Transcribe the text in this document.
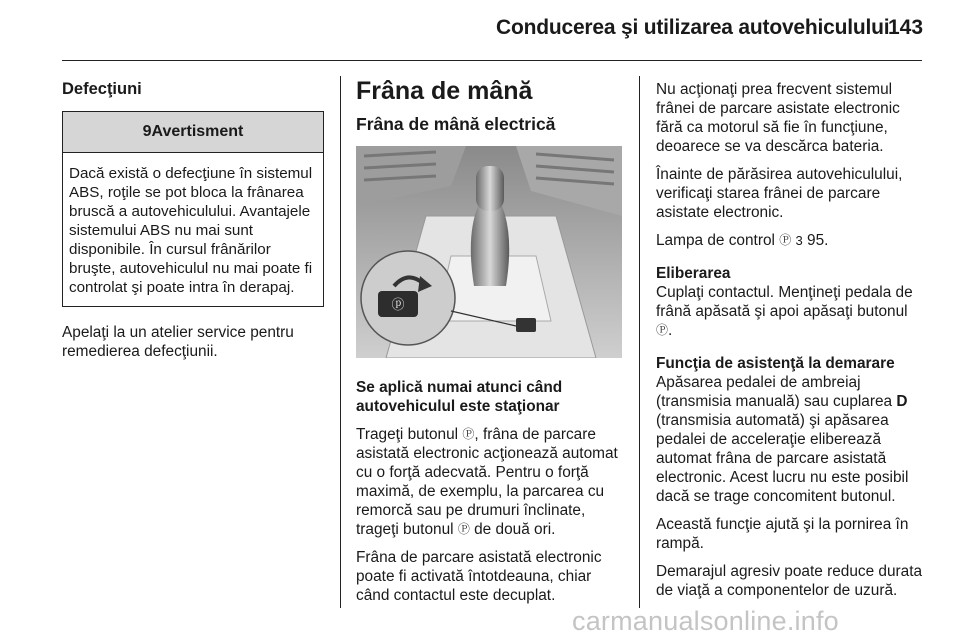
Conducerea şi utilizarea autovehiculului
143
Defecţiuni
9Avertisment
Dacă există o defecţiune în sistemul ABS, roţile se pot bloca la frânarea bruscă a autovehiculului. Avantajele sistemului ABS nu mai sunt disponibile. În cursul frânărilor bruşte, autovehiculul nu mai poate fi controlat şi poate intra în derapaj.

Apelaţi la un atelier service pentru remedierea defecţiunii.

Frâna de mână
Frâna de mână electrică
ⓟ

Se aplică numai atunci când autovehiculul este staţionar

Trageţi butonul Ⓟ, frâna de parcare asistată electronic acţionează automat cu o forţă adecvată. Pentru o forţă maximă, de exemplu, la parcarea cu remorcă sau pe drumuri înclinate, trageţi butonul Ⓟ de două ori.

Frâna de parcare asistată electronic poate fi activată întotdeauna, chiar când contactul este decuplat.

Nu acţionaţi prea frecvent sistemul frânei de parcare asistate electronic fără ca motorul să fie în funcţiune, deoarece se va descărca bateria.

Înainte de părăsirea autovehiculului, verificaţi starea frânei de parcare asistate electronic.

Lampa de control Ⓟ 3 95.

Eliberarea

Cuplaţi contactul. Menţineţi pedala de frână apăsată şi apoi apăsaţi butonul Ⓟ.

Funcţia de asistenţă la demarare

Apăsarea pedalei de ambreiaj (transmisia manuală) sau cuplarea D (transmisia automată) şi apăsarea pedalei de acceleraţie eliberează automat frâna de parcare asistată electronic. Acest lucru nu este posibil dacă se trage concomitent butonul.

Această funcţie ajută şi la pornirea în rampă.

Demarajul agresiv poate reduce durata de viaţă a componentelor de uzură.

carmanualsonline.info
